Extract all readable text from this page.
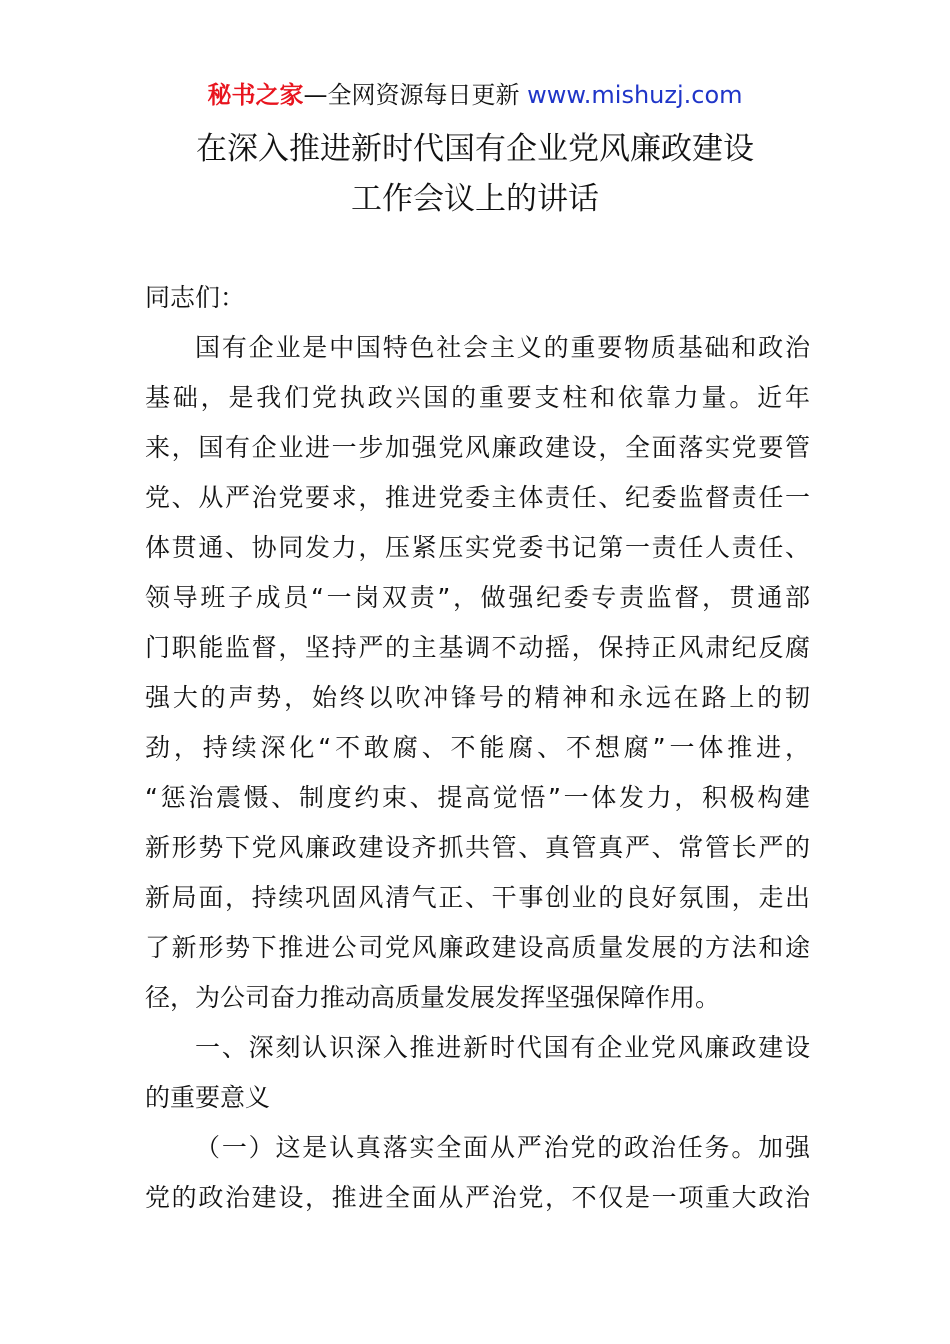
秘书之家—全网资源每日更新 www.mishuzj.com
在深入推进新时代国有企业党风廉政建设
工作会议上的讲话
同志们：
国有企业是中国特色社会主义的重要物质基础和政治
基础，是我们党执政兴国的重要支柱和依靠力量。近年
来，国有企业进一步加强党风廉政建设，全面落实党要管
党、从严治党要求，推进党委主体责任、纪委监督责任一
体贯通、协同发力，压紧压实党委书记第一责任人责任、
领导班子成员“一岗双责”，做强纪委专责监督，贯通部
门职能监督，坚持严的主基调不动摇，保持正风肃纪反腐
强大的声势，始终以吹冲锋号的精神和永远在路上的韧
劲，持续深化“不敢腐、不能腐、不想腐”一体推进，
“惩治震慑、制度约束、提高觉悟”一体发力，积极构建
新形势下党风廉政建设齐抓共管、真管真严、常管长严的
新局面，持续巩固风清气正、干事创业的良好氛围，走出
了新形势下推进公司党风廉政建设高质量发展的方法和途
径，为公司奋力推动高质量发展发挥坚强保障作用。
一、深刻认识深入推进新时代国有企业党风廉政建设
的重要意义
（一）这是认真落实全面从严治党的政治任务。加强
党的政治建设，推进全面从严治党，不仅是一项重大政治
